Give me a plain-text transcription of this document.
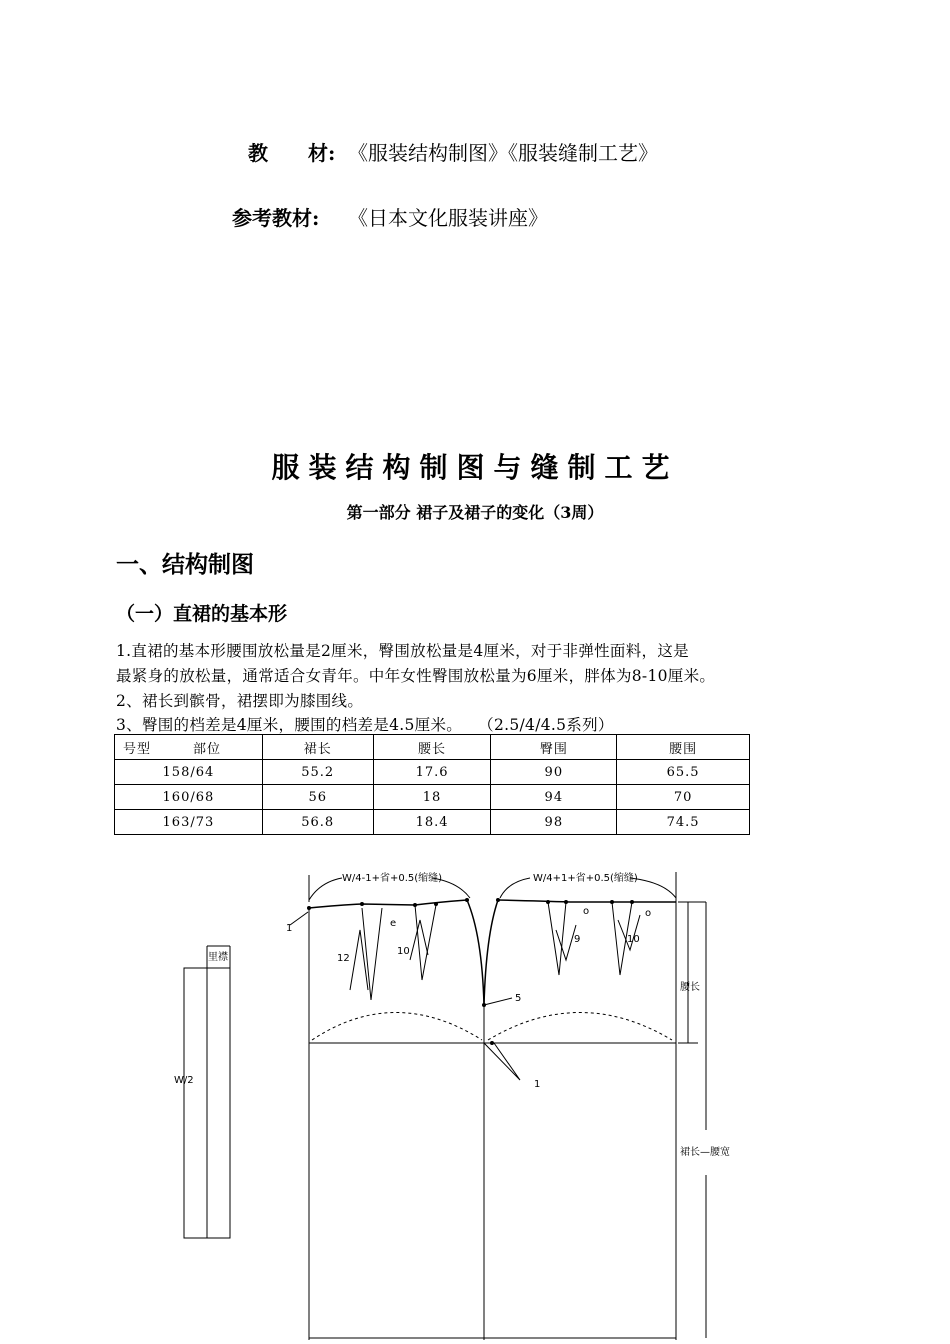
教　　材: 《服装结构制图》《服装缝制工艺》
参考教材: 《日本文化服装讲座》
服装结构制图与缝制工艺
第一部分 裙子及裙子的变化（3周）
一、结构制图
（一）直裙的基本形
1.直裙的基本形腰围放松量是2厘米，臀围放松量是4厘米，对于非弹性面料，这是
最紧身的放松量，通常适合女青年。中年女性臀围放松量为6厘米，胖体为8-10厘米。
2、裙长到髌骨，裙摆即为膝围线。
3、臀围的档差是4厘米，腰围的档差是4.5厘米。　　（2.5/4/4.5系列）
号型　　　部位	裙长	腰长	臀围	腰围
158/64	55.2	17.6	90	65.5
160/68	56	18	94	70
163/73	56.8	18.4	98	74.5
W/4-1+省+0.5(缩缝)	W/4+1+省+0.5(缩缝)
里襟
W/2
腰长
裙长—腰宽
1
12
10
e
5
1
9	10
o	o
